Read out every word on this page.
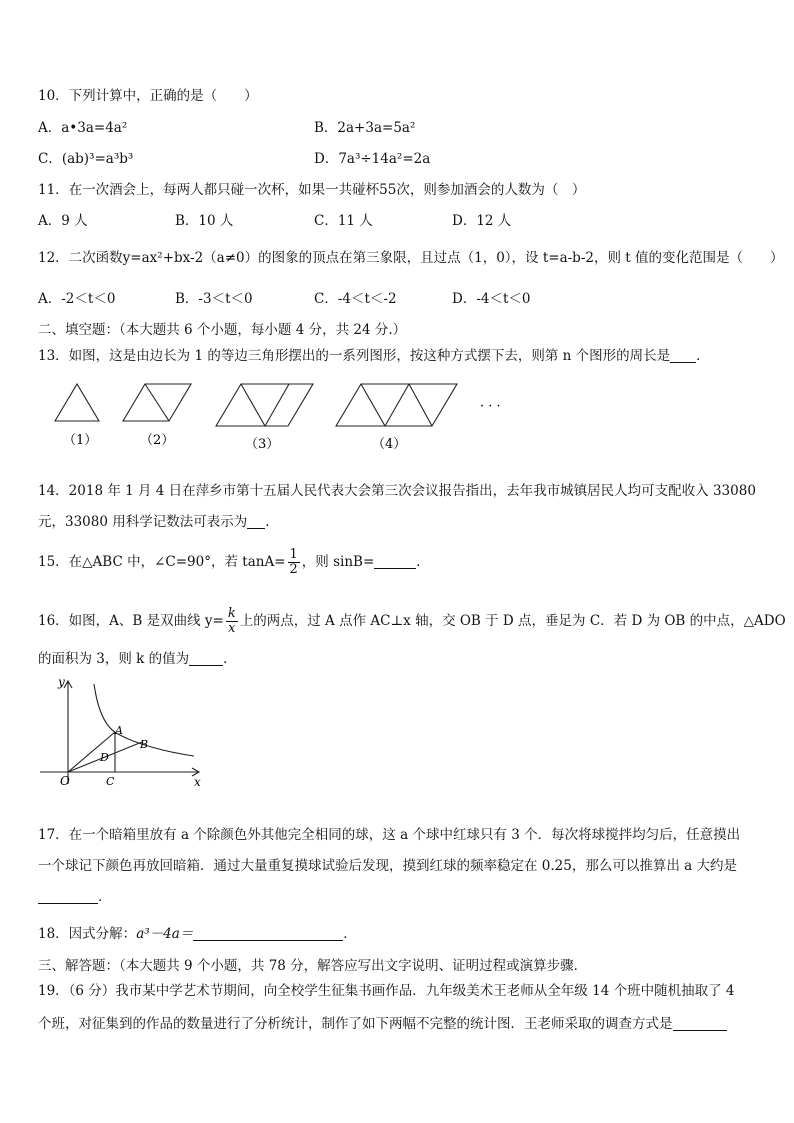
10．下列计算中，正确的是（　　）
A．a•3a=4a²	B．2a+3a=5a²
C．(ab)³=a³b³	D．7a³÷14a²=2a
11．在一次酒会上，每两人都只碰一次杯，如果一共碰杯55次，则参加酒会的人数为（　）
A．9 人	B．10 人	C．11 人	D．12 人
12．二次函数y=ax²+bx-2（a≠0）的图象的顶点在第三象限，且过点（1，0），设 t=a-b-2，则 t 值的变化范围是（　　）
A．-2＜t＜0	B．-3＜t＜0	C．-4＜t＜-2	D．-4＜t＜0
二、填空题：（本大题共 6 个小题，每小题 4 分，共 24 分.）
13．如图，这是由边长为 1 的等边三角形摆出的一系列图形，按这种方式摆下去，则第 n 个图形的周长是 ．
（1）	（2）	（3）	（4）
· · ·
14．2018 年 1 月 4 日在萍乡市第十五届人民代表大会第三次会议报告指出，去年我市城镇居民人均可支配收入 33080
元，33080 用科学记数法可表示为 ．
15．在△ABC 中，∠C=90°，若 $\tan A= \frac{1}{2}$ ，则 sinB=	．
16．如图，A、B 是双曲线 $y= \frac{k}{x}$ 上的两点，过 A 点作 AC⊥x 轴，交 OB 于 D 点，垂足为 C．若 D 为 OB 的中点，△ADO
的面积为 3，则 k 的值为	．
y
x
O
A
B
C
D
17．在一个暗箱里放有 a 个除颜色外其他完全相同的球，这 a 个球中红球只有 3 个．每次将球搅拌均匀后，任意摸出
一个球记下颜色再放回暗箱．通过大量重复摸球试验后发现，摸到红球的频率稳定在 0.25，那么可以推算出 a 大约是
．
18．因式分解：a³－4a＝	．
三、解答题：（本大题共 9 个小题，共 78 分，解答应写出文字说明、证明过程或演算步骤．
19．（6 分）我市某中学艺术节期间，向全校学生征集书画作品．九年级美术王老师从全年级 14 个班中随机抽取了 4
个班，对征集到的作品的数量进行了分析统计，制作了如下两幅不完整的统计图．王老师采取的调查方式是
